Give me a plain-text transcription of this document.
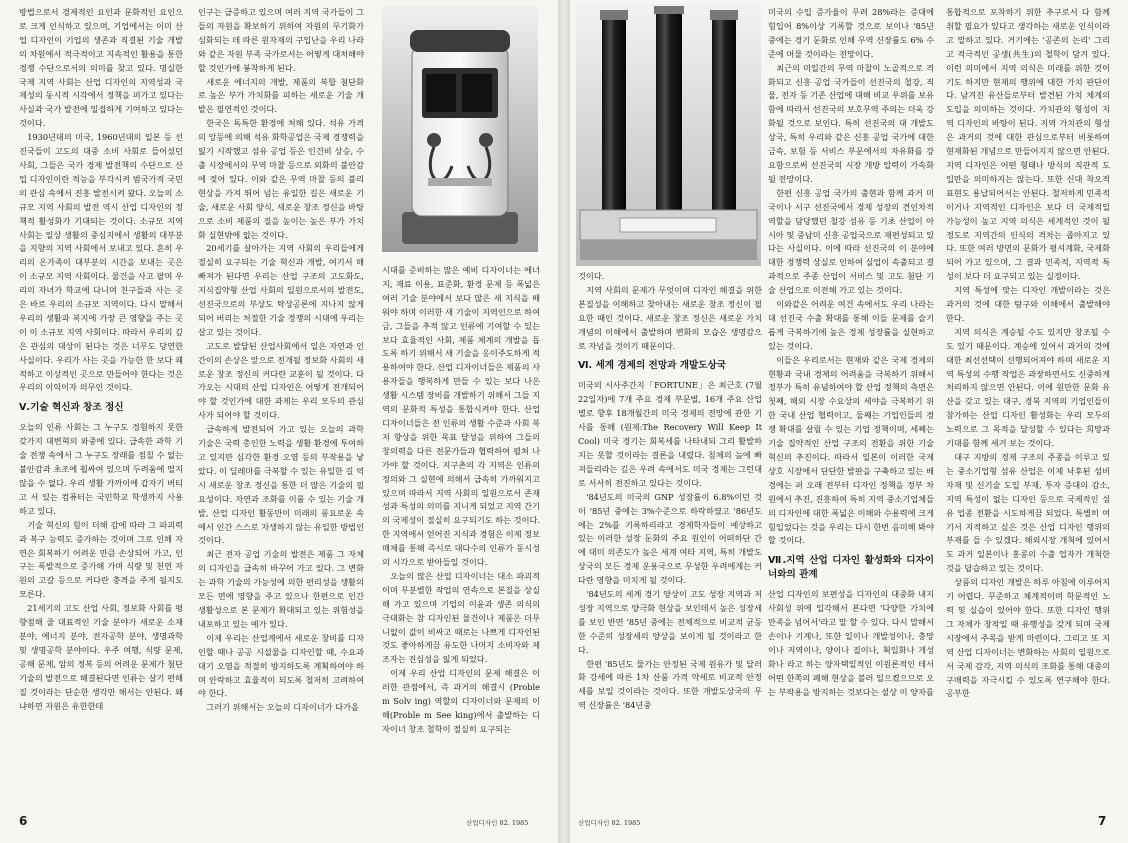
방법으로서 경제적인 요인과 문화적인 요인으로 크게 인식하고 있으며, 기업에서는 이미 산업 디자인이 기업의 생존과 직결된 기술 개발의 차원에서 적극적이고 지속적인 활용을 통한 경쟁 수단으로서의 의미를 찾고 있다. 명실한 국제 지역 사회는 산업 디자인의 지역성과 국제성의 동시적 시각에서 정책을 펴가고 있다는 사실과 국가 발전에 밀접하게 기여하고 있다는 것이다.

1930년대의 미국, 1960년대의 일본 등 선진국들이 고도의 대중 소비 사회로 들어섰던 사회, 그들은 국가 경제 발전책의 수단으로 산업 디자인이란 적능을 부각시켜 범국가적 국민의 관심 속에서 진흥 발전시켜 왔다. 오늘의 소규모 지역 사회의 발전 역시 산업 디자인의 정책적 활성화가 기대되는 것이다. 소규모 지역 사회는 일상 생활의 중심지에서 생활의 대부분을 지향의 지역 사회에서 보내고 있다. 흔히 우리의 온가족이 대부분의 시간을 보내는 곳은 이 소규모 지역 사회이다. 물건을 사고 팔며 우리의 자녀가 학교에 다니며 친구들과 사는 곳은 바로 우리의 소규모 지역이다. 다시 말해서 우리의 생활과 복지에 가장 큰 영향을 주는 곳이 이 소규모 지역 사회이다. 따라서 우리의 깊은 관심의 대상이 된다는 것은 너무도 당연한 사실이다. 우리가 사는 곳을 가능한 한 보다 쾌적하고 이상적인 곳으로 만들어야 한다는 것은 우리의 이익이자 의무인 것이다.

Ⅴ.기술 혁신과 창조 정신

오늘의 인류 사회는 그 누구도 경험하지 못한 갖가지 대변혁의 와중에 있다. 급속한 과학 기술 전쟁 속에서 그 누구도 장래를 점칠 수 없는 불안감과 초조에 휩싸여 있으며 두려움에 떨지 않을 수 없다. 우리 생활 가까이에 갑자기 버티고 서 있는 컴퓨터는 국민학교 학생까지 사용하고 있다.

기술 혁신의 힘이 더해 감에 따라 그 파괴력과 복구 능력도 증가하는 것이며 그로 인해 자연은 회복하기 어려운 만큼 손상되어 가고, 인구는 폭발적으로 증가해 가며 식량 및 천연 자원의 고갈 등으로 커다란 충격을 주게 될지도 모른다.

21세기의 고도 산업 사회, 정보화 사회를 평향점해 줄 대표적인 기술 분야가 새로운 소재 분야, 에너지 분야, 전자공학 분야, 생명과학 및 생명공학 분야이다. 우주 여행, 식량 문제, 공해 문제, 암의 정복 등의 어려운 문제가 첨단 기술의 발전으로 해결된다면 인류는 살기 편해질 것이라는 단순한 생각만 해서는 안된다. 왜냐하면 자원은 유한한데

인구는 급증하고 있으며 여러 지역 국가들이 그들의 자원을 확보하기 위하여 자원의 무기화가 심화되는 데 따른 원자재의 구입난을 우리 나라와 같은 자원 부족 국가로서는 어떻게 대처해야 할 것인가에 봉착하게 된다.

새로운 에너지의 개발, 제품의 복합 첨단화로 높은 부가 가치화를 피하는 새로운 기술 개발은 필연적인 것이다.

한국은 독특한 환경에 처해 있다. 석유 가격의 앙등에 의해 석유 화학공업은 국제 경쟁력을 잃기 시작했고 섬유 공업 등은 인건비 상승, 수출 시장에서의 무역 마찰 등으로 외화의 불안감에 젖어 있다. 이와 같은 무역 마찰 등의 불리 현상을 가져 뛰어 넘는 유일한 길은 새로운 기술, 새로운 사회 양식, 새로운 창조 정신을 바탕으로 소비 제품의 질을 높이는 높은 부가 가치화 실현밖에 없는 것이다.

20세기를 살아가는 지역 사회의 우리들에게 절실히 요구되는 기술 혁신과 개발, 여기서 해빠져가 된다면 우리는 산업 구조의 고도화도, 지식집약형 산업 사회의 일원으로서의 발전도, 선진국으로의 부상도 탁상공론에 지나지 않게 되어 버리는 처절한 기술 경쟁의 시대에 우리는 살고 있는 것이다.

고도로 발달된 산업사회에서 일은 자연과 인간이의 손상은 앞으로 전개될 정보화 사회의 새로운 창조 정신의 커다란 교훈이 될 것이다. 다가오는 시대의 산업 디자인은 어떻게 전개되어야 할 것인가에 대한 과제는 우리 모두의 관심사가 되어야 할 것이다.

급속하게 발전되어 가고 있는 오늘의 과학 기술은 국력 총인한 노력을 생활 환경에 투여하고 있지만 심각한 환경 오염 등의 부작용을 낳았다. 이 딜레마를 극복할 수 있는 유일한 길 역시 새로운 창조 정신을 통한 더 많은 기술의 필요성이다. 자연과 조화를 이룰 수 있는 기술 개발, 산업 디자인 활동만이 미래의 풍요로운 속에서 인간 스스로 자생하지 않는 유일한 방법인 것이다.

최근 전자 공업 기술의 발전은 제품 그 자체의 디자인을 급속히 바꾸어 가고 있다. 그 변화는 과학 기술의 가능성에 의한 편리성을 생활의 모든 면에 영향을 주고 있으나 한편으로 인간 생활성으로 본 문제가 확대되고 있는 위험성을 내포하고 있는 예가 있다.

이제 우리는 산업계에서 새로운 창비를 디자인할 때나 공공 시설물을 디자인할 때, 수요과 대기 오염을 적절히 방지하도록 계획하여야 하며 안락하고 효율적이 되도록 철저히 고려하여야 한다.

그러기 위해서는 오늘의 디자이너가 다가올

시대를 준비하는 많은 예비 디자이너는 에너지, 재료 이용, 표준화, 환경 문제 등 폭넓은 여러 기술 분야에서 보다 많은 새 지식을 배워야 하며 이러한 새 기술이 지역인으로 하여금, 그들을 추적 않고 인류에 기여할 수 있는 보다 효율적인 사회, 제품 체계의 개발을 돕도록 하기 위해서 새 기술을 응이주도하게 적용하여야 한다. 산업 디자이너들은 제품의 사용자들을 행복하게 만들 수 있는 보다 나은 생활 시스템 장비를 개발하기 위해서 그들 지역의 문화적 특성을 통합시켜야 한다. 산업 디자이너들은 전 인류의 생활 수준과 사회 복지 향상을 위한 목표 달성을 위하여 그들의 창의력을 다른 전문가들과 협력하여 펼쳐 나가야 할 것이다. 지구촌의 각 지역은 인류의 정의와 그 실현에 의해서 급속히 가까워지고 있으며 따라서 지역 사회의 일원으로서 존재성과 특성의 의미를 지니게 되었고 지역 간기의 국제성이 절실히 요구되기도 하는 것이다. 한 지역에서 얻어진 지식과 경험은 이제 정보 매체를 통해 즉시로 대다수의 인류가 동시성의 시각으로 받아들일 것이다.

오늘의 많은 산업 디자이너는 대소 파괴적이며 무분별한 작업의 연속으로 본질을 상실해 가고 있으며 기업의 이윤과 생존 의식의 극대화는 참 디자인된 물건이나 제품은 더무니없이 값이 비싸고 때로는 나쁘게 디자인된 것도 좋아하게끔 유도한 나머지 소비자와 제조자는 진심성을 잃게 되었다.

이제 우리 산업 디자인의 문제 해결은 이러한 관점에서, 즉 과거의 해결시 (Proble m Solv ing) 역할의 디자이너와 문제의 이해(Proble m See king)에서 출발하는 디자이너 창조 철학이 절실히 요구되는

6	산업디자인 82. 1985

것이다.

지역 사회의 문제가 무엇이며 디자인 해결을 위한 본질성을 이해하고 찾아내는 새로운 창조 정신이 필요한 때인 것이다. 새로운 창조 정신은 새로운 가치 개념의 이해에서 출발하며 변화의 모습은 생명감으로 자넘을 것이기 때문이다.

Ⅵ. 세계 경제의 전망과 개발도상국

미국의 시사주간지「FORTUNE」은 최근호 (7월 22일자)에 7개 주요 경제 부문별, 16개 주요 산업별로 향후 18개월간의 미국 경제의 전망에 관한 기사를 통해 (원제:The Recovery Will Keep It Cool) 미국 경기는 회복세를 나타내되 그리 활발하지는 못할 것이라는 결론을 내렸다. 침체의 늪에 빠져들리라는 깊은 우려 속에서도 미국 경제는 그런대로 서서히 전진하고 있다는 것이다.

'84년도의 미국의 GNP 성장률이 6.8%이던 것이 '85년 중에는 3%수준으로 하락하였고 '86년도에는 2%를 기록하리라고 경제학자들이 예상하고 있는 이러한 성장 둔화의 주요 원인이 어떠하단 간에 대미 의존도가 높은 세계 여타 지역, 특히 개발도상국의 모든 경제 운용국으로 무성한 우려에게는 커다란 영향을 미치게 될 것이다.

'84년도의 세계 경기 양상이 고도 성장 지역과 저성장 지역으로 양극화 현상을 보인데서 높은 성장세를 보인 반면 '85년 중에는 전체적으로 비교적 균등한 수준의 성장세의 양상을 보이게 될 것이라고 한다.

한편 '85년도 물가는 안정된 국제 원유가 및 달러화 강세에 따른 1차 산품 가격 약세로 비교적 안정세를 보일 것이라는 것이다. 또한 개발도상국의 무역 신장률은 '84년중

미국의 수입 증가율이 무려 28%라는 증대에 힘입어 8%이상 기록할 것으로 보이나 '85년 중에는 경기 둔화로 인해 무역 신장률도 6% 수준에 머물 것이라는 전망이다.

최근의 미일간의 무역 마찰이 노골적으로 격화되고 신흥 공업 국가들이 선진국의 철강, 직물, 전자 등 기존 산업에 대해 비교 우위를 보유함에 따라서 선진국의 보호무역 주의는 더욱 강화될 것으로 보인다. 특히 선진국의 대 개발도상국, 특히 우리와 같은 신흥 공업 국가에 대한 금속, 보험 등 서비스 부문에서의 자유화를 강요함으로써 선진국의 시장 개방 압력이 가속화 될 전망이다.

한편 신흥 공업 국가의 출현과 함께 과거 미국이나 서구 선진국에서 경제 성장의 견인차적 역할을 담당했던 철강 섬유 등 기초 산업이 아시아 및 중남미 신흥 공업국으로 재편성되고 있다는 사실이다. 이에 따라 선진국의 이 분야에 대한 경쟁력 상실로 인하여 실업이 속출되고 결과적으로 주종 산업이 서비스 및 고도 첨단 기술 산업으로 이전해 가고 있는 것이다.

이와같은 어려운 여건 속에서도 우리 나라는 대 선진국 수출 확대를 통해 이들 문제를 슬기롭게 극복하기에 높은 경제 성장률을 실현하고 있는 것이다.

이들은 우리로서는 현재와 같은 국제 경제의 현황과 국내 경제의 어려움을 극복하기 위해서 정부가 특히 유념하여야 할 산업 정책의 측면은 첫째, 해외 시장 수요상의 세야을 극복하기 위한 국내 산업 협력이고, 둘째는 기업인들의 경쟁 확대를 살릴 수 있는 기업 정책이며, 세째는 기술 집약적인 산업 구조의 전환을 위한 기술 혁신의 추진이다. 따라서 일본이 이러한 국제 상호 시장에서 단단한 발판을 구축하고 있는 배경에는 퍼 오래 전부터 디자인 정책을 정부 차원에서 추진, 진흥하여 특히 지역 중소기업체들의 디자인에 대한 폭넓은 이해와 수용력에 크게 힘입었다는 것을 우리는 다시 한번 음미해 봐야 할 것이다.

Ⅶ.지역 산업 디자인 활성화와 디자이너와의 관계

산업 디자인의 보편성을 디자인의 대중화 내지 사회성 위에 입각해서 본다면 '다양한 가치에 만족을 넘어서'라고 말 할 수 있다. 다시 말해서 손이나 기계나, 또한 일이나 개발성이나, 충망이나 지역이나, 양이나 질이나, 획일화나 개성화나 라고 하는 양자택일적인 이원론적인 테서 어떤 한쪽의 폐해 현상을 볼러 일으켰으므로 오는 부작용을 방지하는 것보다는 설상 이 양자를

통합적으로 포착하기 위한 추구로서 다 함께 취할 필요가 있다고 생각하는 새로운 인식이라고 말하고 있다. 거기에는 '공존의 논리' 그리고 적극적인 공생(共生)의 철학이 담겨 있다. 이런 의미에서 지역 의식은 미래를 위한 것이기도 하지만 현재의 행위에 대한 가치 판단이다. 남겨진 유산들로부터 발견된 가치 체계의 도입을 의미하는 것이다. 가치관의 형성이 지역 디자인의 바탕이 된다. 지역 가치관의 형성은 과거의 것에 대한 관심으로부터 비롯하여 현재화된 개념으로 만들어지지 않으면 안된다. 지역 디자인은 어떤 형태나 방식의 직관적 도입만을 의미하지는 않는다. 또한 신대 착오적 표현도 용납되어서는 안된다. 철저하게 민족적이거나 지역적인 디자인은 보다 더 국제적일 가능성이 높고 지역 의식은 세계적인 것이 될 정도로 지역간의 인식의 격차는 좁아지고 있다. 또한 여러 방면의 문화가 평셔계화, 국제화되어 가고 있으며, 그 결과 민족적, 지역적 특성이 보다 더 요구되고 있는 실정이다.

지역 특성에 맞는 디자인 개발이라는 것은 과거의 것에 대한 탐구와 이해에서 출발해야 한다.

지역 의식은 계승될 수도 있지만 창조될 수도 있기 때문이다. 계승에 있어서 과거의 것에 대한 최선선택이 선행되어져야 하며 새로운 지역 특성의 수행 작업은 과장하면서도 신중하게 처리하지 않으면 안된다. 이에 원만한 문화 유산을 갖고 있는 대구, 경북 지역의 기업인들이 참가하는 산업 디자인 활성화는 우리 모두의 노력으로 그 목적을 달성할 수 있다는 희망과 기대를 함께 세겨 보는 것이다.

대구 지방의 경제 구조의 주종을 이루고 있는 중소기업형 섬유 산업은 이제 낙후된 섬비 자재 및 신기술 도입 부재, 투자 증대의 감소, 지역 특성이 없는 디자인 등으로 국제적인 섬유 업종 전환을 시도하게끔 되었다. 특별히 여기서 지적하고 싶은 것은 산업 디자인 행위의 부재를 들 수 있겠다. 해외시장 개척에 있어서도 과거 일본이나 홍콩의 수출 업자가 개척한 것을 답습하고 있는 것이다.

상품의 디자인 개발은 하루 아침에 이루어지기 어렵다. 꾸준하고 체계적이며 학문적인 노력 및 실습이 있어야 한다. 또한 디자인 행위 그 자체가 창작일 때 유행성을 갖게 되며 국제 시장에서 주목을 받게 마련이다. 그리고 또 지역 산업 디자이너는 변화하는 사회의 일원으로서 국제 감각, 지역 의식의 조화를 통해 대중의 구매력을 자극시킬 수 있도록 연구해야 한다. 공부한

산업디자인 82. 1985	7
